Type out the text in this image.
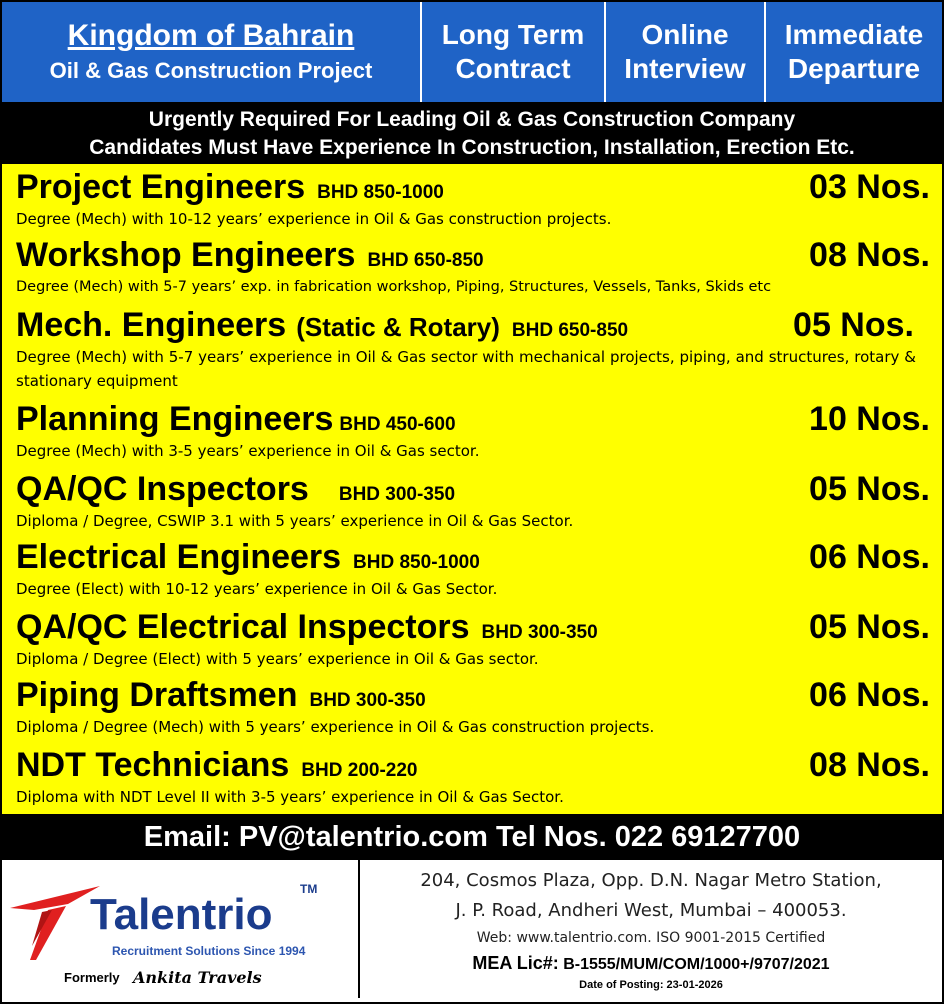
Kingdom of Bahrain
Oil & Gas Construction Project
Long Term
Contract
Online
Interview
Immediate
Departure
Urgently Required For Leading Oil & Gas Construction Company
Candidates Must Have Experience In Construction, Installation, Erection Etc.
Project Engineers BHD 850-1000	03 Nos.
Degree (Mech) with 10-12 years’ experience in Oil & Gas construction projects.
Workshop Engineers BHD 650-850	08 Nos.
Degree (Mech) with 5-7 years’ exp. in fabrication workshop, Piping, Structures, Vessels, Tanks, Skids etc
Mech. Engineers (Static & Rotary) BHD 650-850	05 Nos.
Degree (Mech) with 5-7 years’ experience in Oil & Gas sector with mechanical projects, piping, and structures, rotary & stationary equipment
Planning Engineers BHD 450-600	10 Nos.
Degree (Mech) with 3-5 years’ experience in Oil & Gas sector.
QA/QC Inspectors BHD 300-350	05 Nos.
Diploma / Degree, CSWIP 3.1 with 5 years’ experience in Oil & Gas Sector.
Electrical Engineers BHD 850-1000	06 Nos.
Degree (Elect) with 10-12 years’ experience in Oil & Gas Sector.
QA/QC Electrical Inspectors BHD 300-350	05 Nos.
Diploma / Degree (Elect) with 5 years’ experience in Oil & Gas sector.
Piping Draftsmen BHD 300-350	06 Nos.
Diploma / Degree (Mech) with 5 years’ experience in Oil & Gas construction projects.
NDT Technicians BHD 200-220	08 Nos.
Diploma with NDT Level II with 3-5 years’ experience in Oil & Gas Sector.
Email: PV@talentrio.com Tel Nos. 022 69127700
Talentrio
TM
Recruitment Solutions Since 1994
Formerly Ankita Travels
204, Cosmos Plaza, Opp. D.N. Nagar Metro Station,
J. P. Road, Andheri West, Mumbai – 400053.
Web: www.talentrio.com. ISO 9001-2015 Certified
MEA Lic#: B-1555/MUM/COM/1000+/9707/2021
Date of Posting: 23-01-2026
